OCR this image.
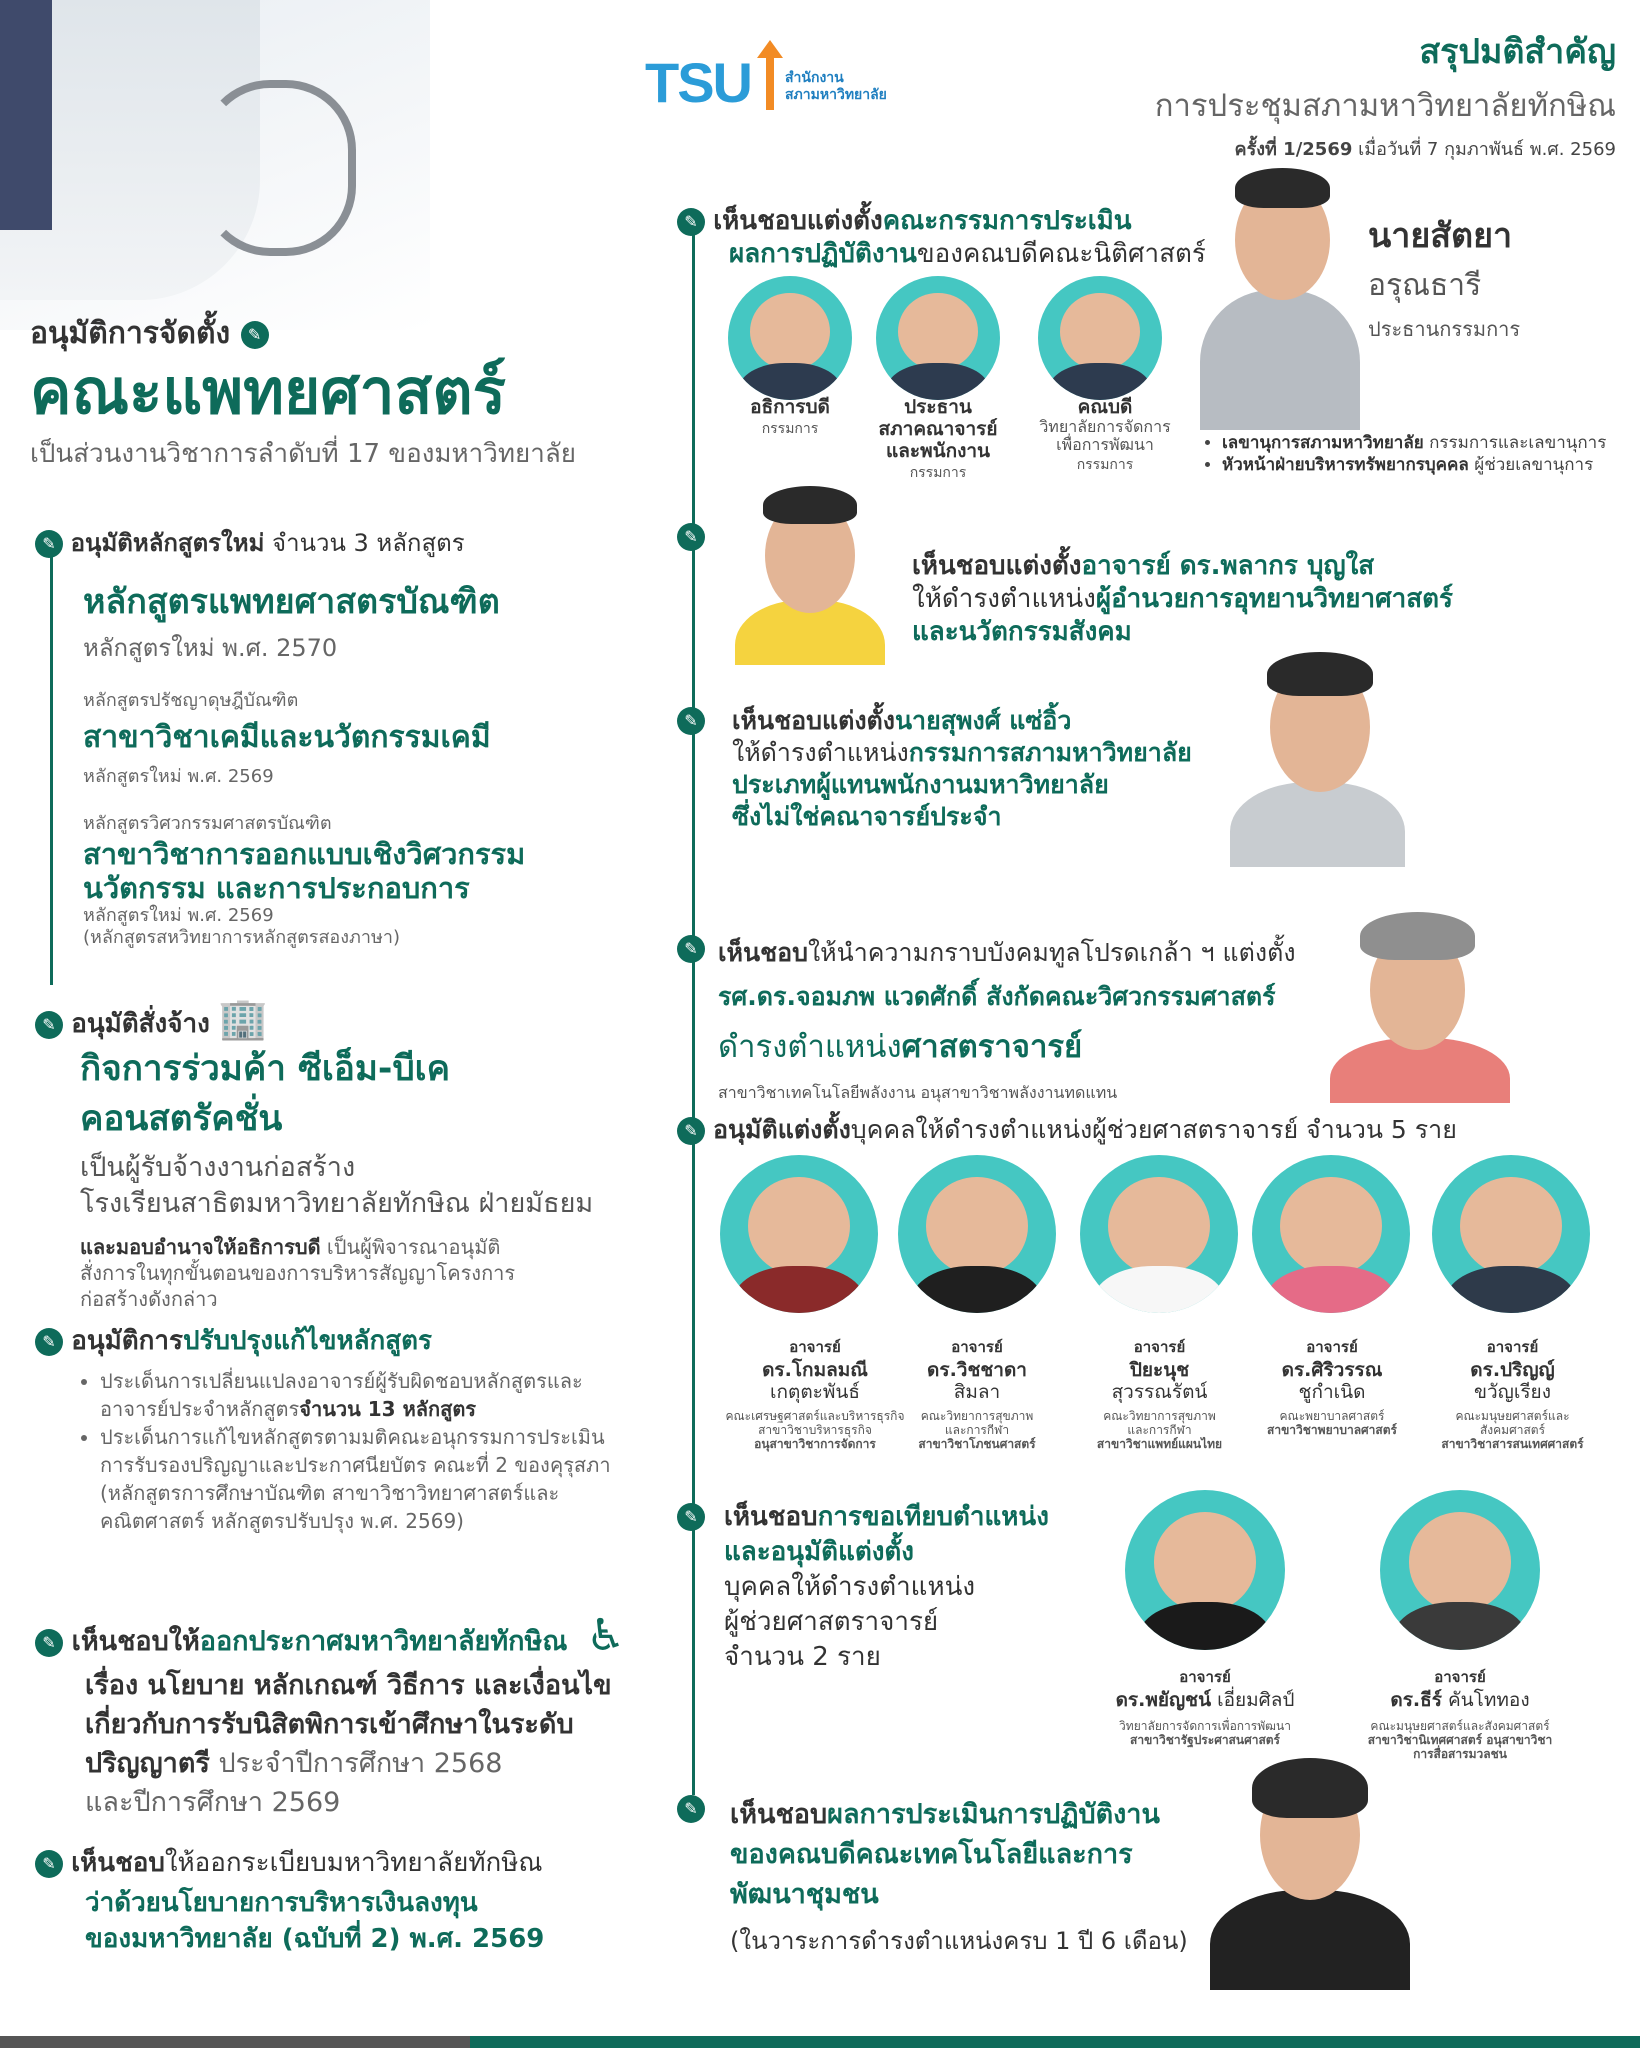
TSU สำนักงาน
สภามหาวิทยาลัย
สรุปมติสำคัญ
การประชุมสภามหาวิทยาลัยทักษิณ
ครั้งที่ 1/2569 เมื่อวันที่ 7 กุมภาพันธ์ พ.ศ. 2569
อนุมัติการจัดตั้ง ✎
คณะแพทยศาสตร์
เป็นส่วนงานวิชาการลำดับที่ 17 ของมหาวิทยาลัย
✎ อนุมัติหลักสูตรใหม่ จำนวน 3 หลักสูตร
หลักสูตรแพทยศาสตรบัณฑิต
หลักสูตรใหม่ พ.ศ. 2570
หลักสูตรปรัชญาดุษฎีบัณฑิต
สาขาวิชาเคมีและนวัตกรรมเคมี
หลักสูตรใหม่ พ.ศ. 2569
หลักสูตรวิศวกรรมศาสตรบัณฑิต
สาขาวิชาการออกแบบเชิงวิศวกรรม
นวัตกรรม และการประกอบการ
หลักสูตรใหม่ พ.ศ. 2569
(หลักสูตรสหวิทยาการหลักสูตรสองภาษา)
✎ อนุมัติสั่งจ้าง 🏢
กิจการร่วมค้า ซีเอ็ม-บีเค
คอนสตรัคชั่น
เป็นผู้รับจ้างงานก่อสร้าง
โรงเรียนสาธิตมหาวิทยาลัยทักษิณ ฝ่ายมัธยม
และมอบอำนาจให้อธิการบดี เป็นผู้พิจารณาอนุมัติ
สั่งการในทุกขั้นตอนของการบริหารสัญญาโครงการ
ก่อสร้างดังกล่าว
✎ อนุมัติการปรับปรุงแก้ไขหลักสูตร
• ประเด็นการเปลี่ยนแปลงอาจารย์ผู้รับผิดชอบหลักสูตรและ
อาจารย์ประจำหลักสูตรจำนวน 13 หลักสูตร
• ประเด็นการแก้ไขหลักสูตรตามมติคณะอนุกรรมการประเมิน
การรับรองปริญญาและประกาศนียบัตร คณะที่ 2 ของคุรุสภา
(หลักสูตรการศึกษาบัณฑิต สาขาวิชาวิทยาศาสตร์และ
คณิตศาสตร์ หลักสูตรปรับปรุง พ.ศ. 2569)
✎ เห็นชอบให้ออกประกาศมหาวิทยาลัยทักษิณ ♿
เรื่อง นโยบาย หลักเกณฑ์ วิธีการ และเงื่อนไข
เกี่ยวกับการรับนิสิตพิการเข้าศึกษาในระดับ
ปริญญาตรี ประจำปีการศึกษา 2568
และปีการศึกษา 2569
✎ เห็นชอบให้ออกระเบียบมหาวิทยาลัยทักษิณ
ว่าด้วยนโยบายการบริหารเงินลงทุน
ของมหาวิทยาลัย (ฉบับที่ 2) พ.ศ. 2569
✎ เห็นชอบแต่งตั้งคณะกรรมการประเมิน
ผลการปฏิบัติงานของคณบดีคณะนิติศาสตร์
อธิการบดี
กรรมการ
ประธาน
สภาคณาจารย์
และพนักงาน
กรรมการ
คณบดี
วิทยาลัยการจัดการ
เพื่อการพัฒนา
กรรมการ
นายสัตยา
อรุณธารี
ประธานกรรมการ
• เลขานุการสภามหาวิทยาลัย กรรมการและเลขานุการ
• หัวหน้าฝ่ายบริหารทรัพยากรบุคคล ผู้ช่วยเลขานุการ
✎
เห็นชอบแต่งตั้งอาจารย์ ดร.พลากร บุญใส
ให้ดำรงตำแหน่งผู้อำนวยการอุทยานวิทยาศาสตร์
และนวัตกรรมสังคม
✎ เห็นชอบแต่งตั้งนายสุพงศ์ แซ่อิ้ว
ให้ดำรงตำแหน่งกรรมการสภามหาวิทยาลัย
ประเภทผู้แทนพนักงานมหาวิทยาลัย
ซึ่งไม่ใช่คณาจารย์ประจำ
✎ เห็นชอบให้นำความกราบบังคมทูลโปรดเกล้า ฯ แต่งตั้ง
รศ.ดร.จอมภพ แวดศักดิ์ สังกัดคณะวิศวกรรมศาสตร์
ดำรงตำแหน่งศาสตราจารย์
สาขาวิชาเทคโนโลยีพลังงาน อนุสาขาวิชาพลังงานทดแทน
✎ อนุมัติแต่งตั้งบุคคลให้ดำรงตำแหน่งผู้ช่วยศาสตราจารย์ จำนวน 5 ราย
อาจารย์
ดร.โกมลมณี
เกตุตะพันธ์
คณะเศรษฐศาสตร์และบริหารธุรกิจ
สาขาวิชาบริหารธุรกิจ
อนุสาขาวิชาการจัดการ
อาจารย์
ดร.วิชชาดา
สิมลา
คณะวิทยาการสุขภาพ
และการกีฬา
สาขาวิชาโภชนศาสตร์
อาจารย์
ปิยะนุช
สุวรรณรัตน์
คณะวิทยาการสุขภาพ
และการกีฬา
สาขาวิชาแพทย์แผนไทย
อาจารย์
ดร.ศิริวรรณ
ชูกำเนิด
คณะพยาบาลศาสตร์
สาขาวิชาพยาบาลศาสตร์
อาจารย์
ดร.ปริญญ์
ขวัญเรียง
คณะมนุษยศาสตร์และ
สังคมศาสตร์
สาขาวิชาสารสนเทศศาสตร์
✎ เห็นชอบการขอเทียบตำแหน่ง
และอนุมัติแต่งตั้ง
บุคคลให้ดำรงตำแหน่ง
ผู้ช่วยศาสตราจารย์
จำนวน 2 ราย
อาจารย์
ดร.พยัญชน์ เอี่ยมศิลป์
วิทยาลัยการจัดการเพื่อการพัฒนา
สาขาวิชารัฐประศาสนศาสตร์
อาจารย์
ดร.ธีร์ คันโททอง
คณะมนุษยศาสตร์และสังคมศาสตร์
สาขาวิชานิเทศศาสตร์ อนุสาขาวิชา
การสื่อสารมวลชน
✎ เห็นชอบผลการประเมินการปฏิบัติงาน
ของคณบดีคณะเทคโนโลยีและการ
พัฒนาชุมชน
(ในวาระการดำรงตำแหน่งครบ 1 ปี 6 เดือน)
